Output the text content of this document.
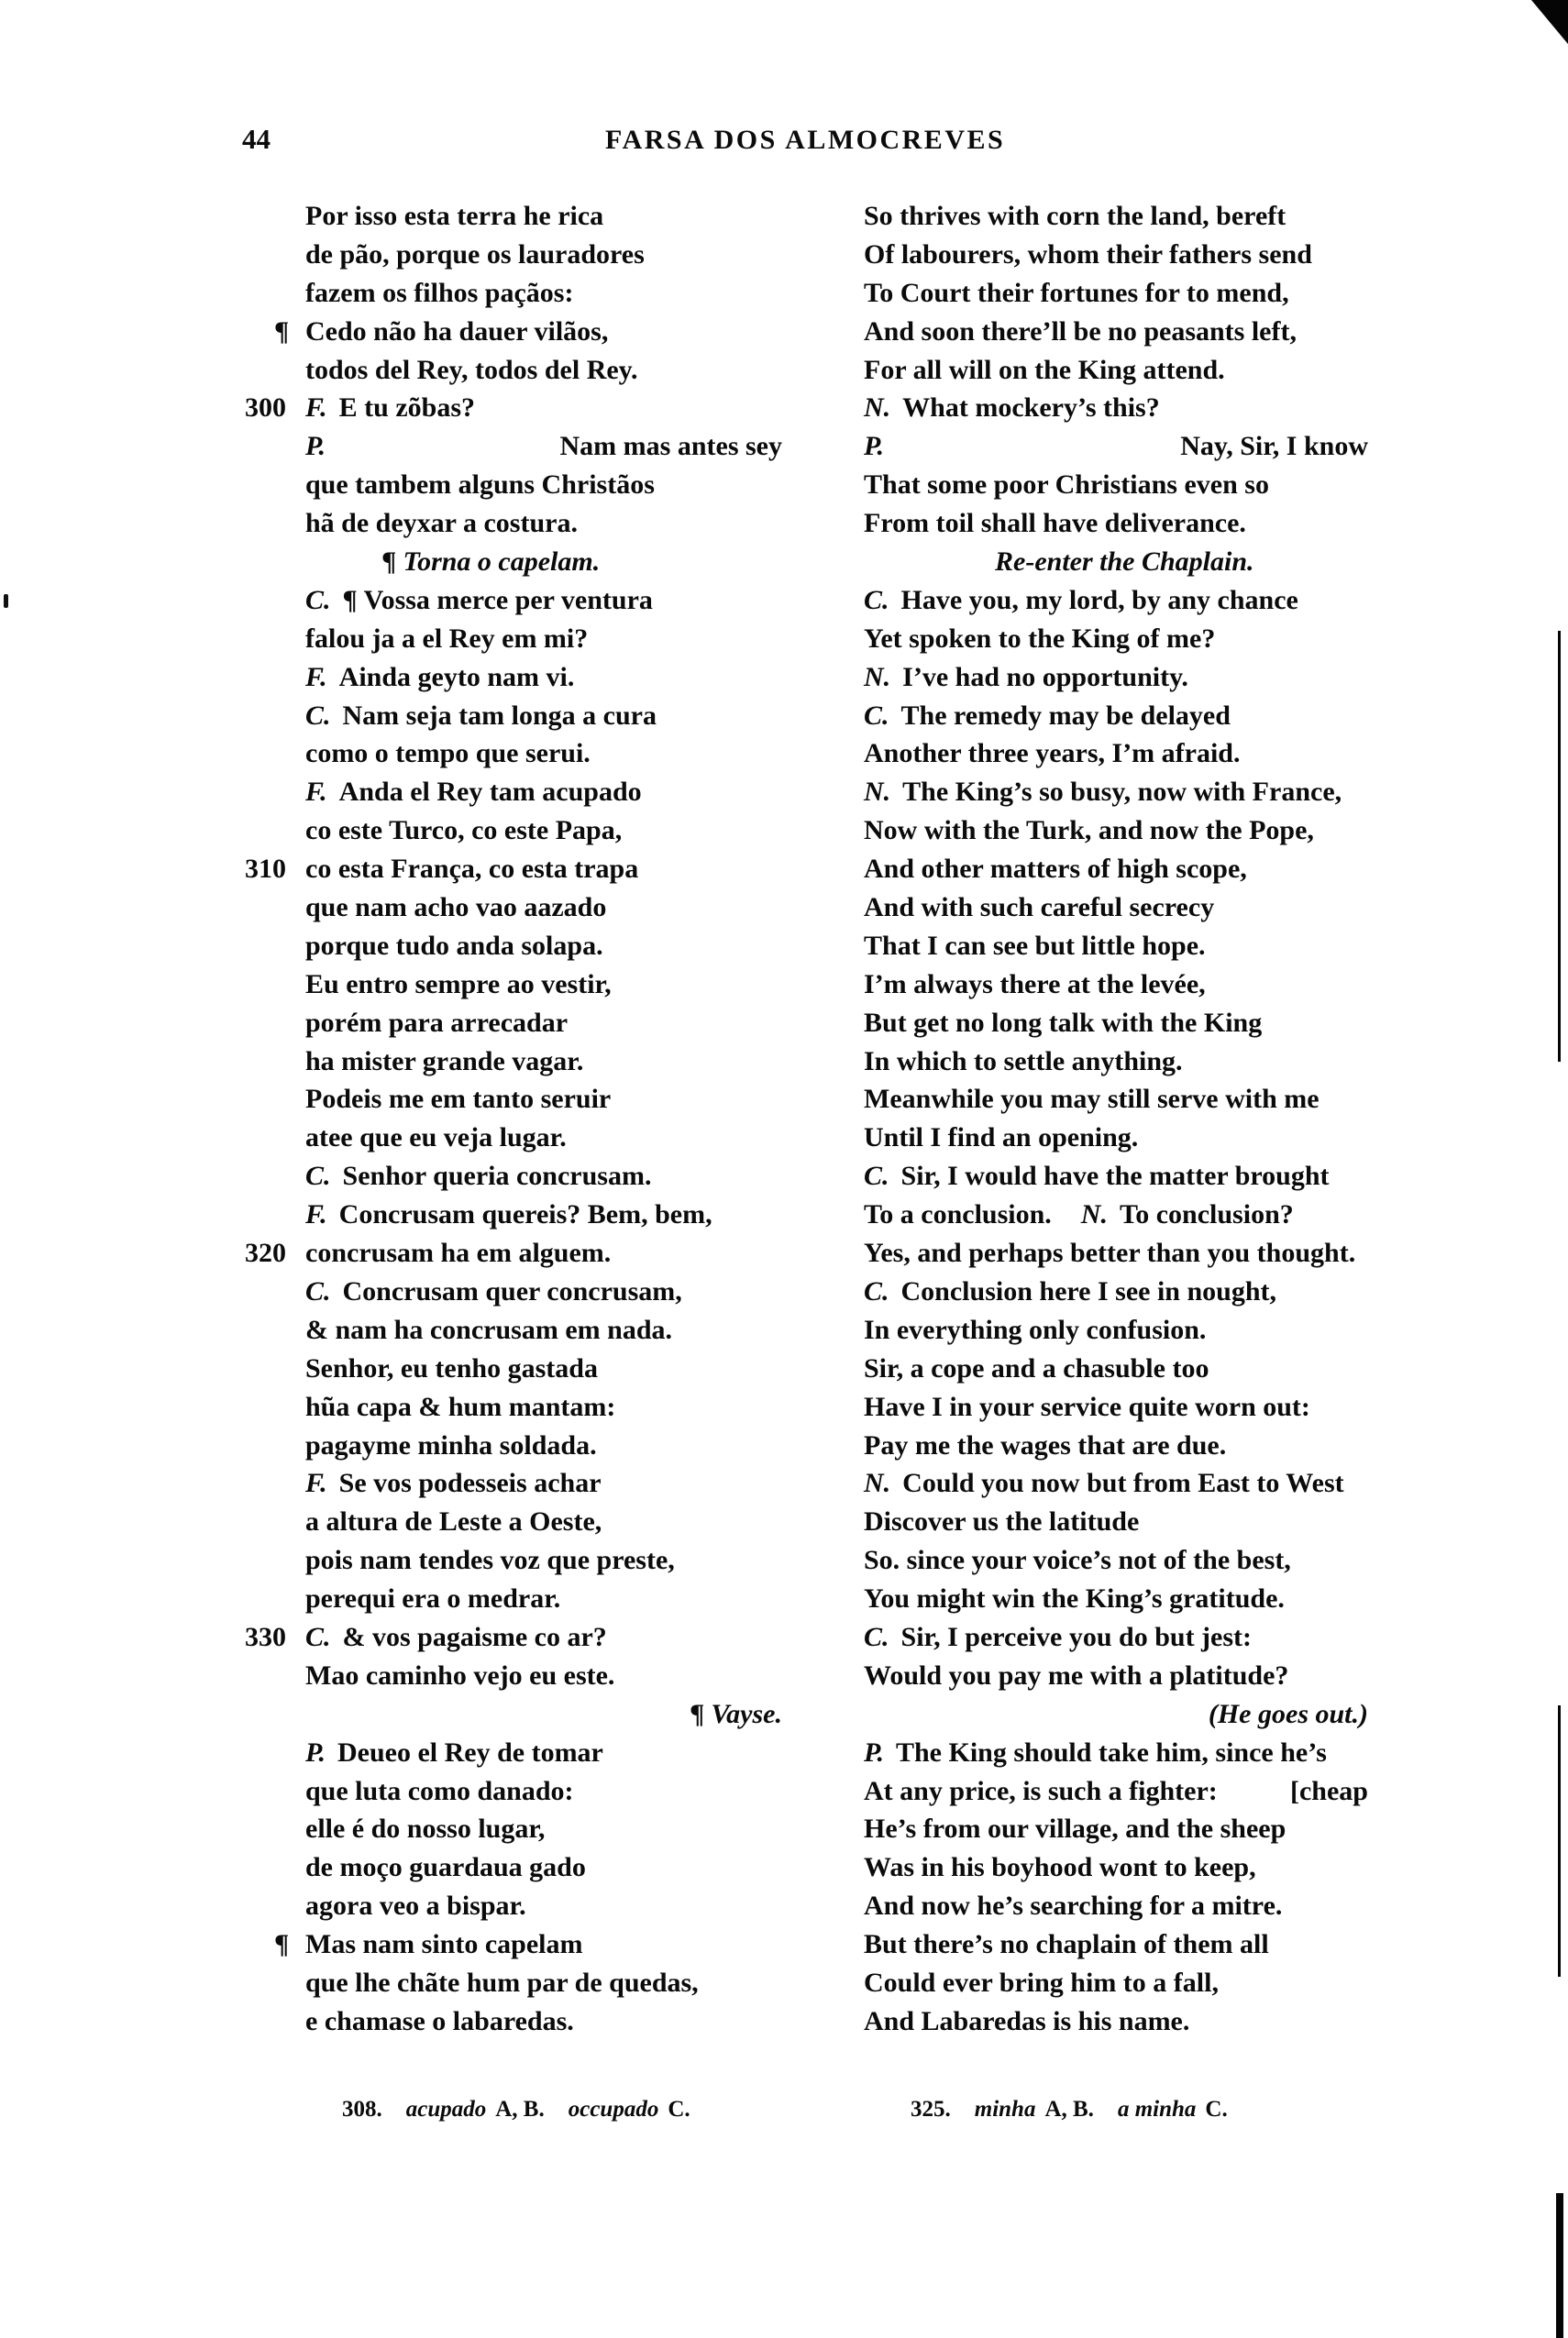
44	FARSA DOS ALMOCREVES
Por isso esta terra he rica
de pão, porque os lauradores
fazem os filhos paçãos:
¶ Cedo não ha dauer vilãos,
todos del Rey, todos del Rey.
300 F. E tu zõbas?
P.	Nam mas antes sey
que tambem alguns Christãos
hã de deyxar a costura.
¶ Torna o capelam.
C. ¶ Vossa merce per ventura
falou ja a el Rey em mi?
F. Ainda geyto nam vi.
C. Nam seja tam longa a cura
como o tempo que serui.
F. Anda el Rey tam acupado
co este Turco, co este Papa,
310 co esta França, co esta trapa
que nam acho vao aazado
porque tudo anda solapa.
Eu entro sempre ao vestir,
porém para arrecadar
ha mister grande vagar.
Podeis me em tanto seruir
atee que eu veja lugar.
C. Senhor queria concrusam.
F. Concrusam quereis? Bem, bem,
320 concrusam ha em alguem.
C. Concrusam quer concrusam,
& nam ha concrusam em nada.
Senhor, eu tenho gastada
hũa capa & hum mantam:
pagayme minha soldada.
F. Se vos podesseis achar
a altura de Leste a Oeste,
pois nam tendes voz que preste,
perequi era o medrar.
330 C. & vos pagaisme co ar?
Mao caminho vejo eu este.
¶ Vayse.
P. Deueo el Rey de tomar
que luta como danado:
elle é do nosso lugar,
de moço guardaua gado
agora veo a bispar.
¶ Mas nam sinto capelam
que lhe chãte hum par de quedas,
e chamase o labaredas.
So thrives with corn the land, bereft
Of labourers, whom their fathers send
To Court their fortunes for to mend,
And soon there’ll be no peasants left,
For all will on the King attend.
N. What mockery’s this?
P.	Nay, Sir, I know
That some poor Christians even so
From toil shall have deliverance.
Re-enter the Chaplain.
C. Have you, my lord, by any chance
Yet spoken to the King of me?
N. I’ve had no opportunity.
C. The remedy may be delayed
Another three years, I’m afraid.
N. The King’s so busy, now with France,
Now with the Turk, and now the Pope,
And other matters of high scope,
And with such careful secrecy
That I can see but little hope.
I’m always there at the levée,
But get no long talk with the King
In which to settle anything.
Meanwhile you may still serve with me
Until I find an opening.
C. Sir, I would have the matter brought
To a conclusion. N. To conclusion?
Yes, and perhaps better than you thought.
C. Conclusion here I see in nought,
In everything only confusion.
Sir, a cope and a chasuble too
Have I in your service quite worn out:
Pay me the wages that are due.
N. Could you now but from East to West
Discover us the latitude
So. since your voice’s not of the best,
You might win the King’s gratitude.
C. Sir, I perceive you do but jest:
Would you pay me with a platitude?
(He goes out.)
P. The King should take him, since he’s
At any price, is such a fighter:	[cheap
He’s from our village, and the sheep
Was in his boyhood wont to keep,
And now he’s searching for a mitre.
But there’s no chaplain of them all
Could ever bring him to a fall,
And Labaredas is his name.
308. acupado A, B. occupado C.	325. minha A, B. a minha C.
